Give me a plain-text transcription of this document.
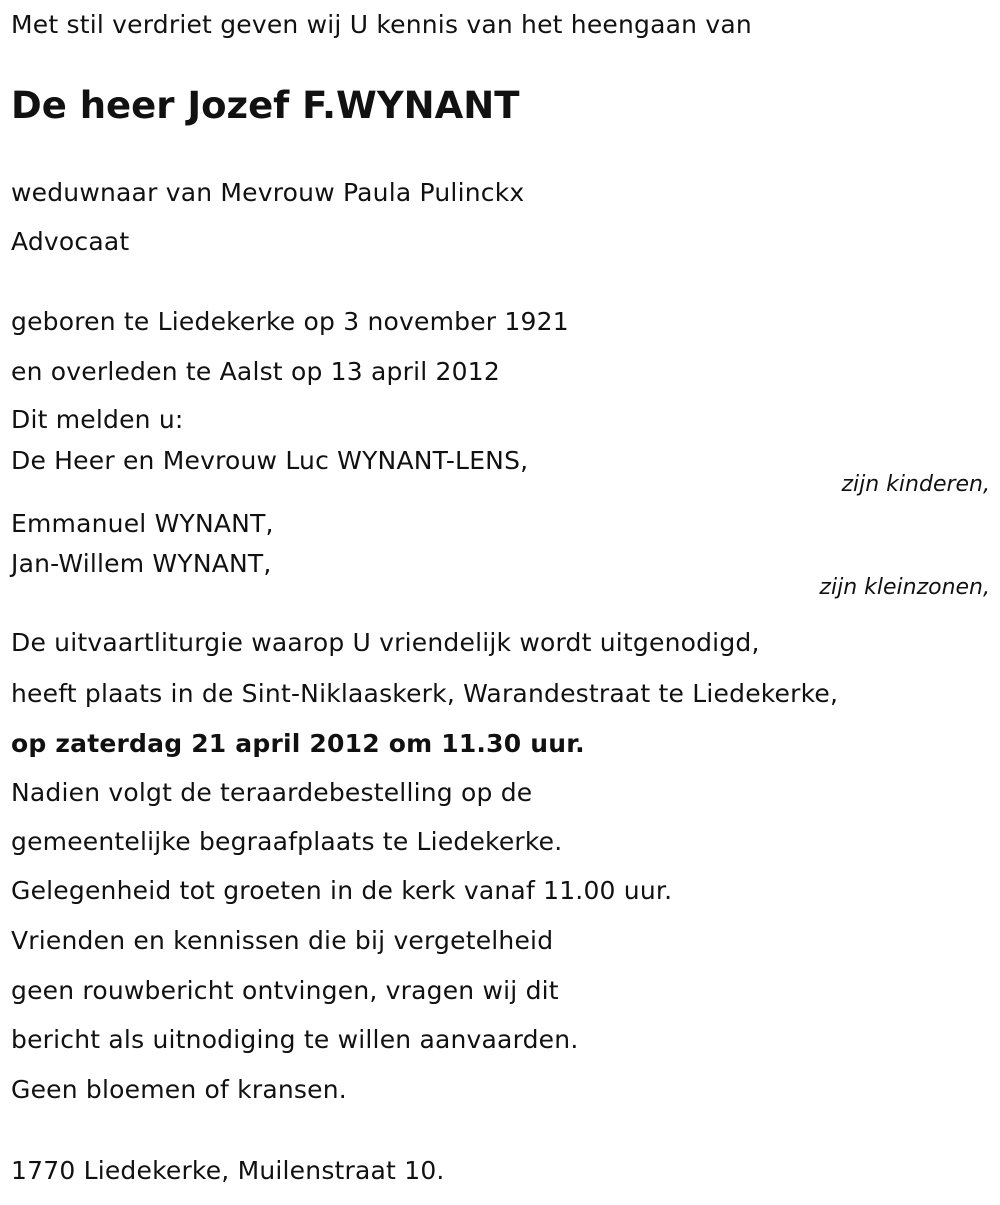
Met stil verdriet geven wij U kennis van het heengaan van
De heer Jozef F.WYNANT
weduwnaar van Mevrouw Paula Pulinckx
Advocaat
geboren te Liedekerke op 3 november 1921
en overleden te Aalst op 13 april 2012
Dit melden u:
De Heer en Mevrouw Luc WYNANT-LENS,
zijn kinderen,
Emmanuel WYNANT,
Jan-Willem WYNANT,
zijn kleinzonen,
De uitvaartliturgie waarop U vriendelijk wordt uitgenodigd,
heeft plaats in de Sint-Niklaaskerk, Warandestraat te Liedekerke,
op zaterdag 21 april 2012 om 11.30 uur.
Nadien volgt de teraardebestelling op de
gemeentelijke begraafplaats te Liedekerke.
Gelegenheid tot groeten in de kerk vanaf 11.00 uur.
Vrienden en kennissen die bij vergetelheid
geen rouwbericht ontvingen, vragen wij dit
bericht als uitnodiging te willen aanvaarden.
Geen bloemen of kransen.
1770 Liedekerke, Muilenstraat 10.
